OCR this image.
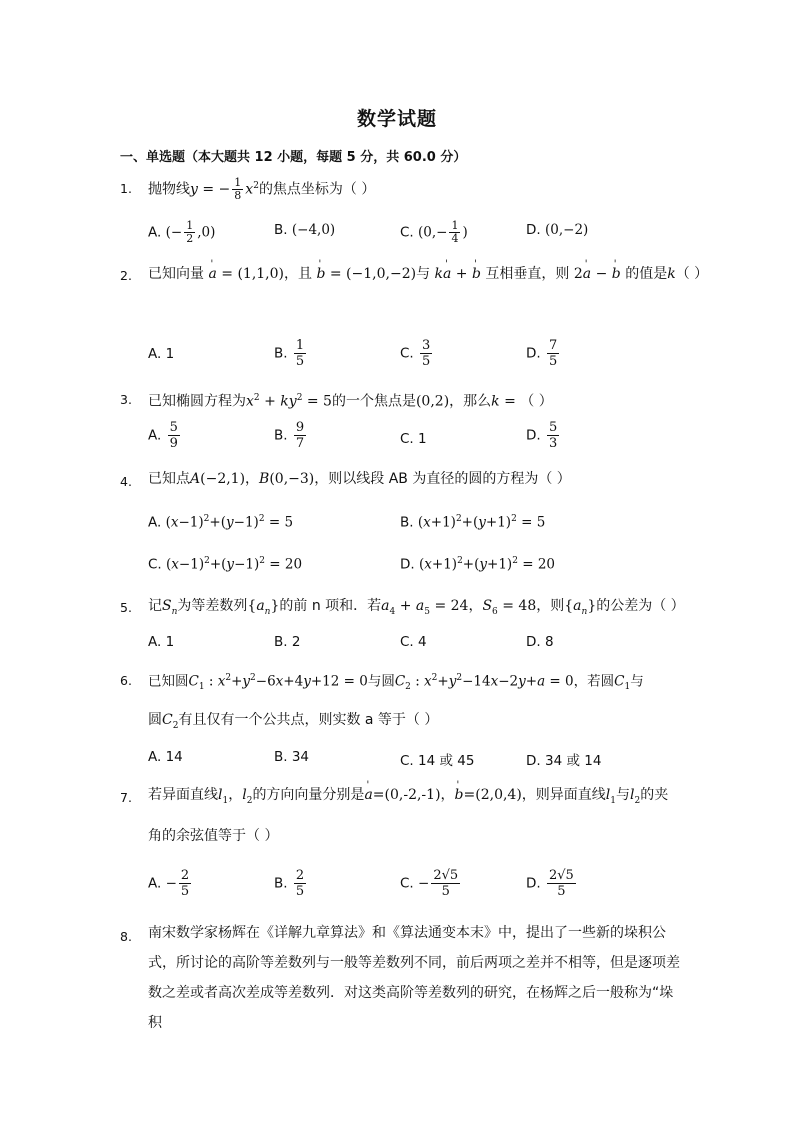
数学试题
一、单选题（本大题共 12 小题，每题 5 分，共 60.0 分）
1. 抛物线y = − $\frac{1}{8} x^2$的焦点坐标为（ ）
A. (− $\frac{1}{2} ,0$)	B. (−4,0)	C. ($0,- \frac{1}{4}$ )	D. (0,−2)
2. 已知向量 ' a = (1,1,0)，且 ' b = (−1,0,−2)与 k' a + ' b 互相垂直，则 2' a − ' b 的值是k（ ）
A. 1	B. $\frac{1}{5}$	C. $\frac{3}{5}$	D. $\frac{7}{5}$
3. 已知椭圆方程为$x^2 + ky^2 = 5$的一个焦点是(0,2)，那么k = （ ）
A. $\frac{5}{9}$	B. $\frac{9}{7}$	C. 1	D. $\frac{5}{3}$
4. 已知点A(−2,1)，B(0,−3)，则以线段 AB 为直径的圆的方程为（ ）
A. $(x-1)^2+(y-1)^2 = 5$	B. $(x+1)^2+(y+1)^2 = 5$
C. $(x-1)^2+(y-1)^2 = 20$	D. $(x+1)^2+(y+1)^2 = 20$
5. 记$S_n$为等差数列$\{a_n\}$的前 n 项和．若$a_4 + a_5 = 24$，$S_6 = 48$，则$\{a_n\}$的公差为（ ）
A. 1	B. 2	C. 4	D. 8
6. 已知圆$C_1$ : $x^2+y^2-6x+4y+12 = 0$与圆$C_2$ : $x^2+y^2-14x-2y+a = 0$，若圆$C_1$与
圆$C_2$有且仅有一个公共点，则实数 a 等于（ ）
A. 14	B. 34	C. 14 或 45	D. 34 或 14
7. 若异面直线$l_1$，$l_2$的方向向量分别是' a=(0,-2,-1)，' b=(2,0,4)，则异面直线$l_1$与$l_2$的夹
角的余弦值等于（ ）
A. − $\frac{2}{5}$	B. $\frac{2}{5}$	C. − $\frac{2√5}{5}$	D. $\frac{2√5}{5}$
8. 南宋数学家杨辉在《详解九章算法》和《算法通变本末》中，提出了一些新的垛积公式，所讨论的高阶等差数列与一般等差数列不同，前后两项之差并不相等，但是逐项差数之差或者高次差成等差数列．对这类高阶等差数列的研究，在杨辉之后一般称为“垛积
